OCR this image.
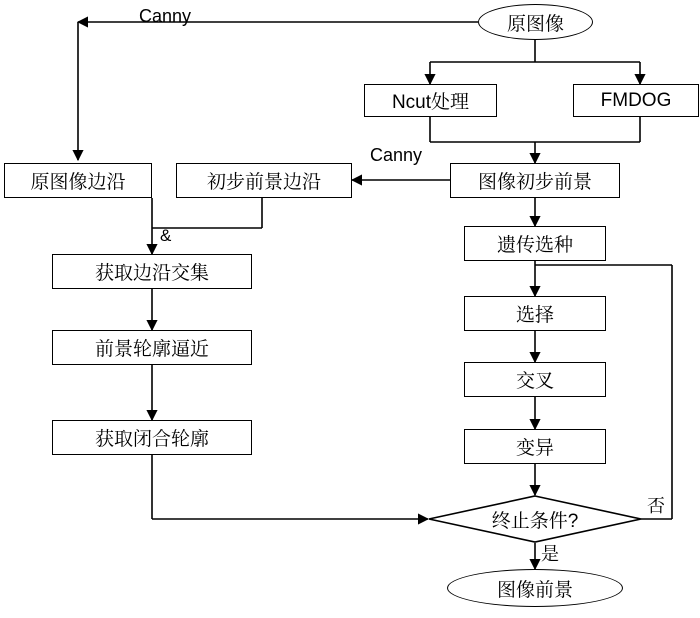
原图像
Ncut处理	FMDOG
图像初步前景
初步前景边沿
原图像边沿
获取边沿交集
前景轮廓逼近
获取闭合轮廓
遗传选种
选择
交叉
变异
终止条件?
图像前景
Canny
Canny
&
否
是
